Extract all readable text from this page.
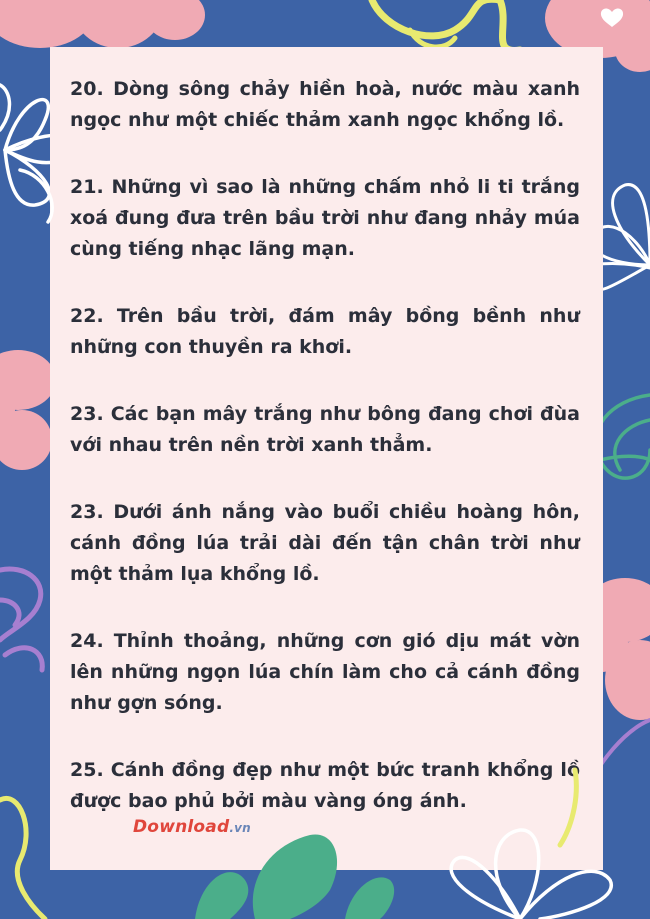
20. Dòng sông chảy hiền hoà, nước màu xanh ngọc như một chiếc thảm xanh ngọc khổng lồ.
21. Những vì sao là những chấm nhỏ li ti trắng xoá đung đưa trên bầu trời như đang nhảy múa cùng tiếng nhạc lãng mạn.
22. Trên bầu trời, đám mây bồng bềnh như những con thuyền ra khơi.
23. Các bạn mây trắng như bông đang chơi đùa với nhau trên nền trời xanh thẳm.
23. Dưới ánh nắng vào buổi chiều hoàng hôn, cánh đồng lúa trải dài đến tận chân trời như một thảm lụa khổng lồ.
24. Thỉnh thoảng, những cơn gió dịu mát vờn lên những ngọn lúa chín làm cho cả cánh đồng như gợn sóng.
25. Cánh đồng đẹp như một bức tranh khổng lồ được bao phủ bởi màu vàng óng ánh.
Download.vn
